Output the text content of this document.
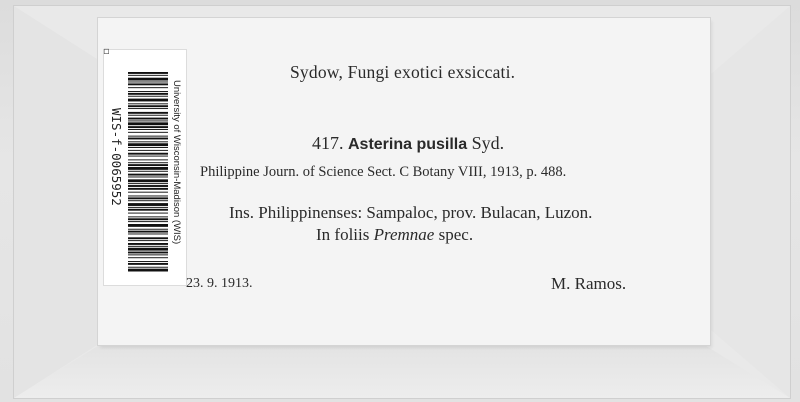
University of Wisconsin-Madison (WIS)
WIS-f-0065952
▫
Sydow, Fungi exotici exsiccati.
417. Asterina pusilla Syd.
Philippine Journ. of Science Sect. C Botany VIII, 1913, p. 488.
Ins. Philippinenses: Sampaloc, prov. Bulacan, Luzon.
In foliis Premnae spec.
23. 9. 1913.	M. Ramos.
